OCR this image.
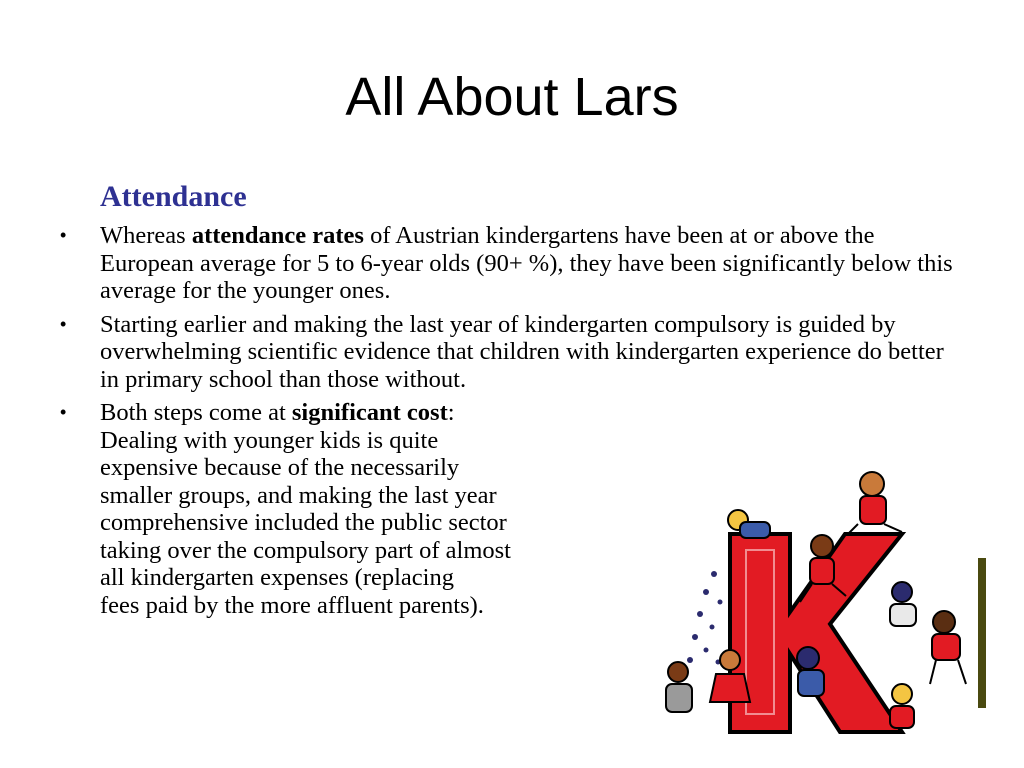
All About Lars
Attendance
•	Whereas attendance rates of Austrian kindergartens have been at or above the European average for 5 to 6-year olds (90+ %), they have been significantly below this average for the younger ones.
•	Starting earlier and making the last year of kindergarten compulsory is guided by overwhelming scientific evidence that children with kindergarten experience do better in primary school than those without.
•	Both steps come at significant cost:
Dealing with younger kids is quite
expensive because of the necessarily
smaller groups, and making the last year
comprehensive included the public sector
taking over the compulsory part of almost
all kindergarten expenses (replacing
fees paid by the more affluent parents).
